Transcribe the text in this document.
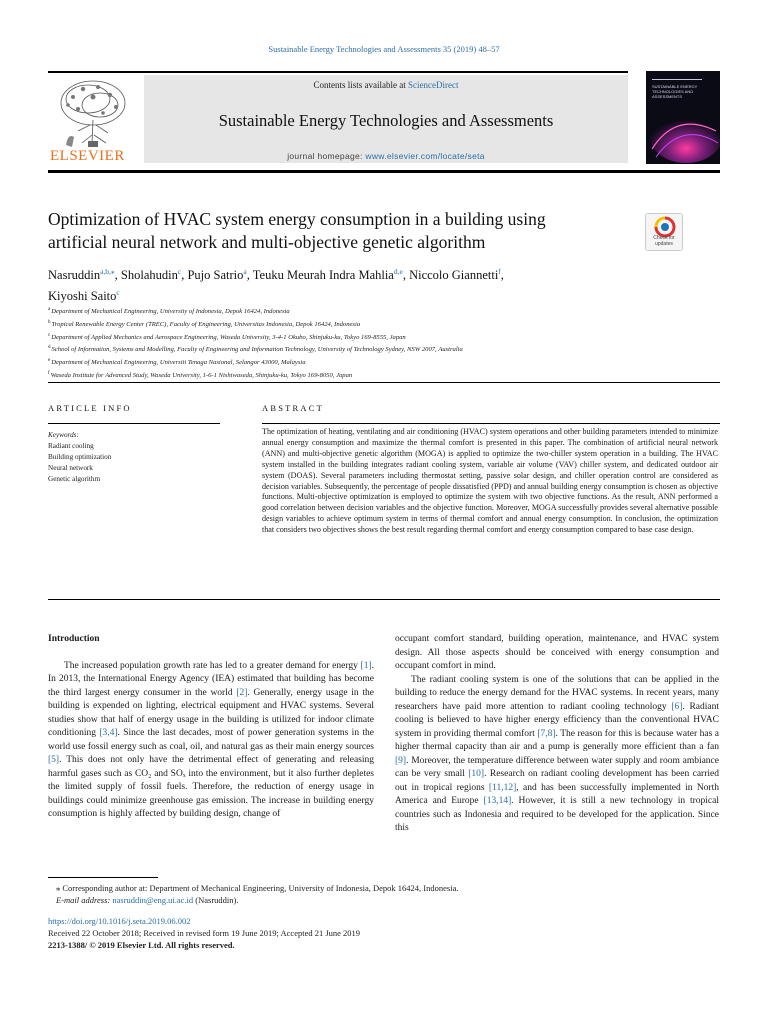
Sustainable Energy Technologies and Assessments 35 (2019) 48–57
ELSEVIER
Contents lists available at ScienceDirect
Sustainable Energy Technologies and Assessments
journal homepage: www.elsevier.com/locate/seta
SUSTAINABLE ENERGY TECHNOLOGIES AND ASSESSMENTS
Optimization of HVAC system energy consumption in a building using artificial neural network and multi-objective genetic algorithm	Check for updates
Nasruddin$^{a,b,⁎}$, Sholahudin$^c$, Pujo Satrio$^a$, Teuku Meurah Indra Mahlia$^{d,e}$, Niccolo Giannetti$^f$,
Kiyoshi Saito$^c$
$^a$Department of Mechanical Engineering, University of Indonesia, Depok 16424, Indonesia
$^b$Tropical Renewable Energy Center (TREC), Faculty of Engineering, Universitas Indonesia, Depok 16424, Indonesia
$^c$Department of Applied Mechanics and Aerospace Engineering, Waseda University, 3-4-1 Okubo, Shinjuku-ku, Tokyo 169-8555, Japan
$^d$School of Information, Systems and Modelling, Faculty of Engineering and Information Technology, University of Technology Sydney, NSW 2007, Australia
$^e$Department of Mechanical Engineering, Universiti Tenaga Nasional, Selangor 43000, Malaysia
$^f$Waseda Institute for Advanced Study, Waseda University, 1-6-1 Nishiwaseda, Shinjuku-ku, Tokyo 169-8050, Japan
ARTICLE INFO
Keywords:
Radiant cooling
Building optimization
Neural network
Genetic algorithm
ABSTRACT
The optimization of heating, ventilating and air conditioning (HVAC) system operations and other building parameters intended to minimize annual energy consumption and maximize the thermal comfort is presented in this paper. The combination of artificial neural network (ANN) and multi-objective genetic algorithm (MOGA) is applied to optimize the two-chiller system operation in a building. The HVAC system installed in the building integrates radiant cooling system, variable air volume (VAV) chiller system, and dedicated outdoor air system (DOAS). Several parameters including thermostat setting, passive solar design, and chiller operation control are considered as decision variables. Subsequently, the percentage of people dissatisfied (PPD) and annual building energy consumption is chosen as objective functions. Multi-objective optimization is employed to optimize the system with two objective functions. As the result, ANN performed a good correlation between decision variables and the objective function. Moreover, MOGA successfully provides several alternative possible design variables to achieve optimum system in terms of thermal comfort and annual energy consumption. In conclusion, the optimization that considers two objectives shows the best result regarding thermal comfort and energy consumption compared to base case design.
Introduction

The increased population growth rate has led to a greater demand for energy [1]. In 2013, the International Energy Agency (IEA) estimated that building has become the third largest energy consumer in the world [2]. Generally, energy usage in the building is expended on lighting, electrical equipment and HVAC systems. Several studies show that half of energy usage in the building is utilized for indoor climate conditioning [3,4]. Since the last decades, most of power generation systems in the world use fossil energy such as coal, oil, and natural gas as their main energy sources [5]. This does not only have the detrimental effect of generating and releasing harmful gases such as CO₂ and SOₓ into the environment, but it also further depletes the limited supply of fossil fuels. Therefore, the reduction of energy usage in buildings could minimize greenhouse gas emission. The increase in building energy consumption is highly affected by building design, change of

occupant comfort standard, building operation, maintenance, and HVAC system design. All those aspects should be conceived with energy consumption and occupant comfort in mind.

The radiant cooling system is one of the solutions that can be applied in the building to reduce the energy demand for the HVAC systems. In recent years, many researchers have paid more attention to radiant cooling technology [6]. Radiant cooling is believed to have higher energy efficiency than the conventional HVAC system in providing thermal comfort [7,8]. The reason for this is because water has a higher thermal capacity than air and a pump is generally more efficient than a fan [9]. Moreover, the temperature difference between water supply and room ambiance can be very small [10]. Research on radiant cooling development has been carried out in tropical regions [11,12], and has been successfully implemented in North America and Europe [13,14]. However, it is still a new technology in tropical countries such as Indonesia and required to be developed for the application. Since this

⁎ Corresponding author at: Department of Mechanical Engineering, University of Indonesia, Depok 16424, Indonesia.
E-mail address: nasruddin@eng.ui.ac.id (Nasruddin).
https://doi.org/10.1016/j.seta.2019.06.002
Received 22 October 2018; Received in revised form 19 June 2019; Accepted 21 June 2019
2213-1388/ © 2019 Elsevier Ltd. All rights reserved.
